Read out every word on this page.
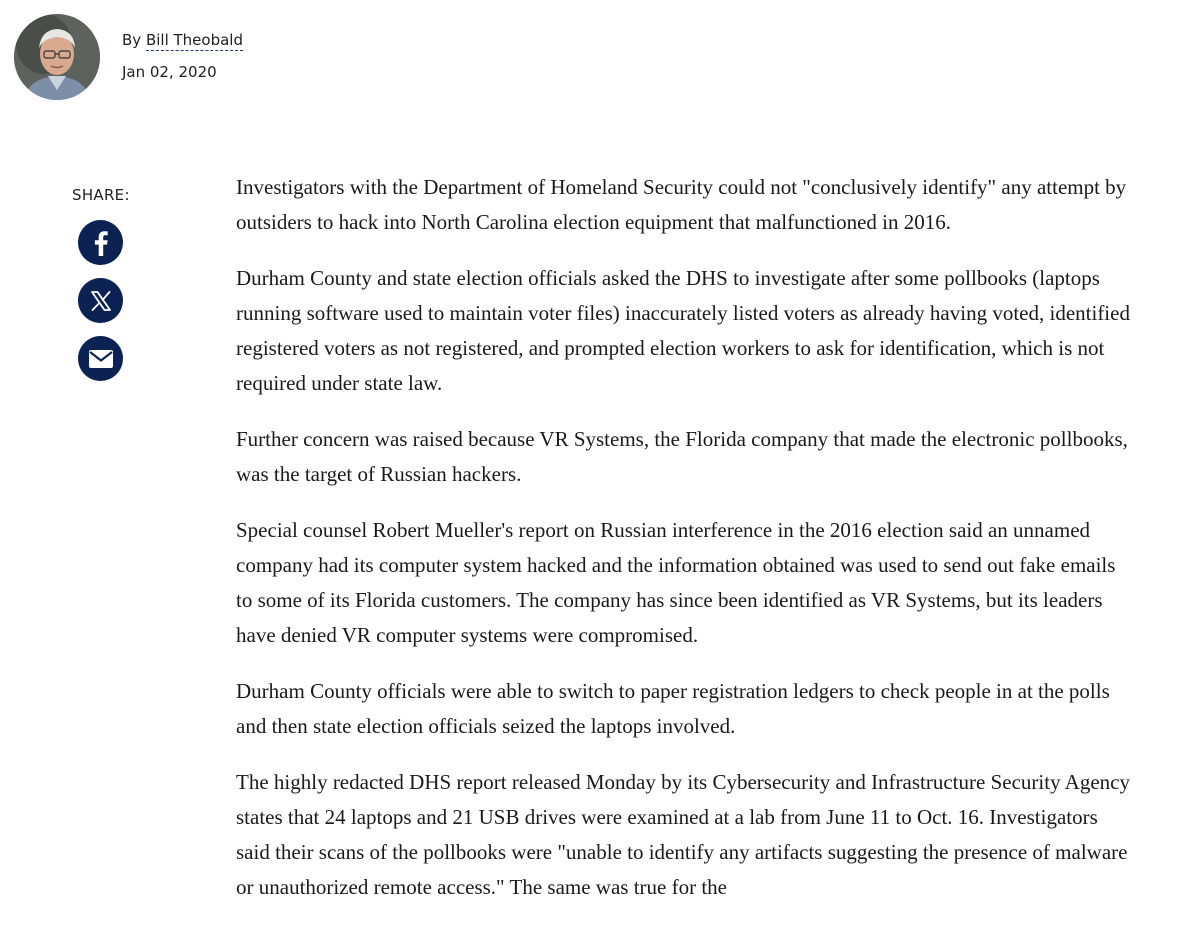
By Bill Theobald
Jan 02, 2020
SHARE:	Investigators with the Department of Homeland Security could not "conclusively identify" any attempt by outsiders to hack into North Carolina election equipment that malfunctioned in 2016.

Durham County and state election officials asked the DHS to investigate after some pollbooks (laptops running software used to maintain voter files) inaccurately listed voters as already having voted, identified registered voters as not registered, and prompted election workers to ask for identification, which is not required under state law.

Further concern was raised because VR Systems, the Florida company that made the electronic pollbooks, was the target of Russian hackers.

Special counsel Robert Mueller's report on Russian interference in the 2016 election said an unnamed company had its computer system hacked and the information obtained was used to send out fake emails to some of its Florida customers. The company has since been identified as VR Systems, but its leaders have denied VR computer systems were compromised.

Durham County officials were able to switch to paper registration ledgers to check people in at the polls and then state election officials seized the laptops involved.

The highly redacted DHS report released Monday by its Cybersecurity and Infrastructure Security Agency states that 24 laptops and 21 USB drives were examined at a lab from June 11 to Oct. 16. Investigators said their scans of the pollbooks were "unable to identify any artifacts suggesting the presence of malware or unauthorized remote access." The same was true for the
